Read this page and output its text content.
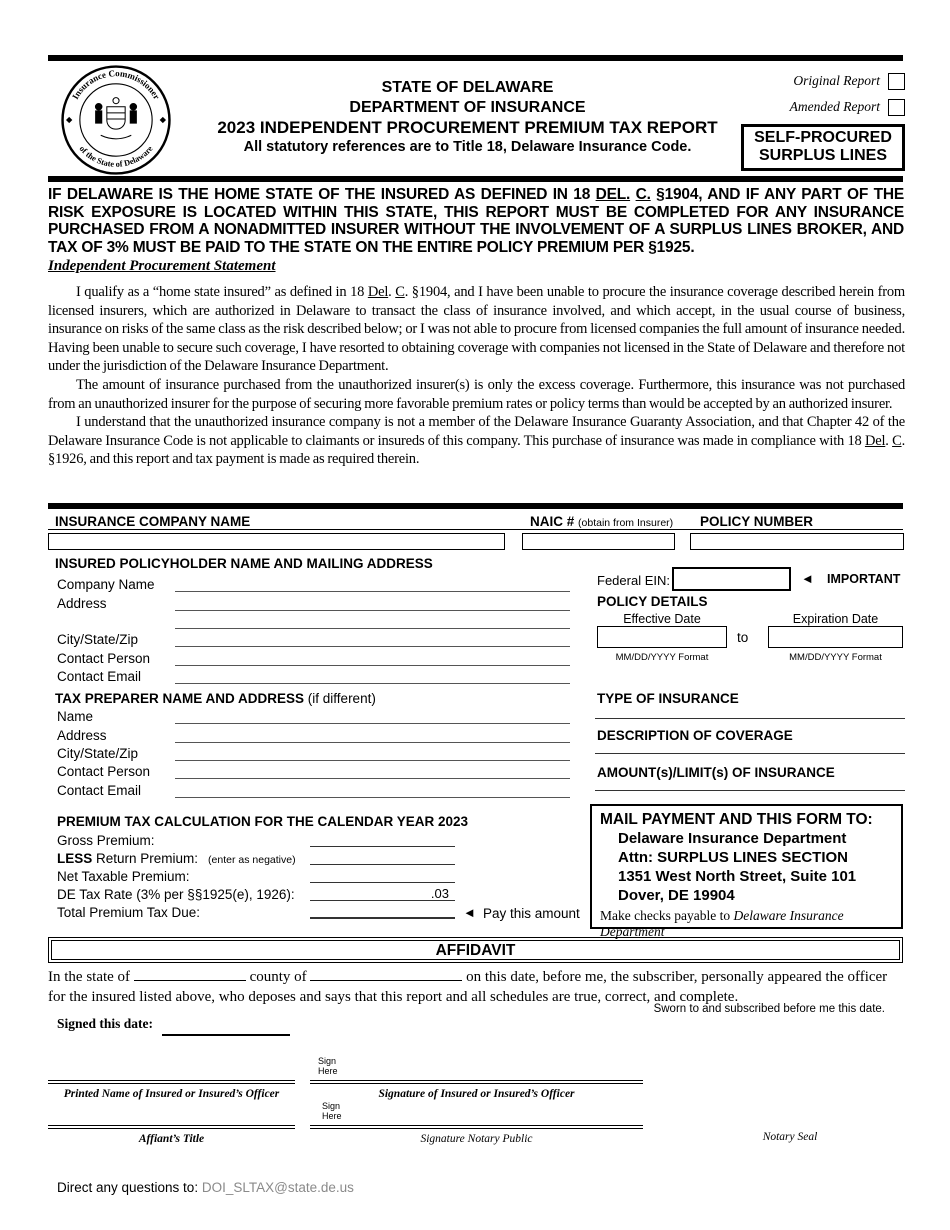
Insurance Commissioner
of the State of Delaware
STATE OF DELAWARE
DEPARTMENT OF INSURANCE
2023 INDEPENDENT PROCUREMENT PREMIUM TAX REPORT
All statutory references are to Title 18, Delaware Insurance Code.
Original Report
Amended Report
SELF-PROCURED
SURPLUS LINES
IF DELAWARE IS THE HOME STATE OF THE INSURED AS DEFINED IN 18 DEL. C. §1904, AND IF ANY PART OF THE RISK EXPOSURE IS LOCATED WITHIN THIS STATE, THIS REPORT MUST BE COMPLETED FOR ANY INSURANCE PURCHASED FROM A NONADMITTED INSURER WITHOUT THE INVOLVEMENT OF A SURPLUS LINES BROKER, AND TAX OF 3% MUST BE PAID TO THE STATE ON THE ENTIRE POLICY PREMIUM PER §1925.
Independent Procurement Statement

I qualify as a “home state insured” as defined in 18 Del. C. §1904, and I have been unable to procure the insurance coverage described herein from licensed insurers, which are authorized in Delaware to transact the class of insurance involved, and which accept, in the usual course of business, insurance on risks of the same class as the risk described below; or I was not able to procure from licensed companies the full amount of insurance needed. Having been unable to secure such coverage, I have resorted to obtaining coverage with companies not licensed in the State of Delaware and therefore not under the jurisdiction of the Delaware Insurance Department.

The amount of insurance purchased from the unauthorized insurer(s) is only the excess coverage. Furthermore, this insurance was not purchased from an unauthorized insurer for the purpose of securing more favorable premium rates or policy terms than would be accepted by an authorized insurer.

I understand that the unauthorized insurance company is not a member of the Delaware Insurance Guaranty Association, and that Chapter 42 of the Delaware Insurance Code is not applicable to claimants or insureds of this company. This purchase of insurance was made in compliance with 18 Del. C. §1926, and this report and tax payment is made as required therein.

INSURANCE COMPANY NAME	NAIC # (obtain from Insurer) POLICY NUMBER
INSURED POLICYHOLDER NAME AND MAILING ADDRESS
Company Name
Address
City/State/Zip
Contact Person
Contact Email
Federal EIN:	◄ IMPORTANT
POLICY DETAILS
Effective Date	Expiration Date
to
MM/DD/YYYY Format	MM/DD/YYYY Format
TAX PREPARER NAME AND ADDRESS (if different)
Name
Address
City/State/Zip
Contact Person
Contact Email
TYPE OF INSURANCE
DESCRIPTION OF COVERAGE
AMOUNT(s)/LIMIT(s) OF INSURANCE
PREMIUM TAX CALCULATION FOR THE CALENDAR YEAR 2023
Gross Premium:
LESS Return Premium: (enter as negative)
Net Taxable Premium:
DE Tax Rate (3% per §§1925(e), 1926):	.03
Total Premium Tax Due:	◄ Pay this amount
MAIL PAYMENT AND THIS FORM TO:
Delaware Insurance Department
Attn: SURPLUS LINES SECTION
1351 West North Street, Suite 101
Dover, DE 19904
Make checks payable to Delaware Insurance Department
AFFIDAVIT
In the state of	county of	on this date, before me, the subscriber, personally appeared the officer for the insured listed above, who deposes and says that this report and all schedules are true, correct, and complete.
Sworn to and subscribed before me this date.
Signed this date:
Sign
Here
Printed Name of Insured or Insured’s Officer	Signature of Insured or Insured’s Officer
Sign
Here
Affiant’s Title	Signature Notary Public	Notary Seal
Direct any questions to: DOI_SLTAX@state.de.us
